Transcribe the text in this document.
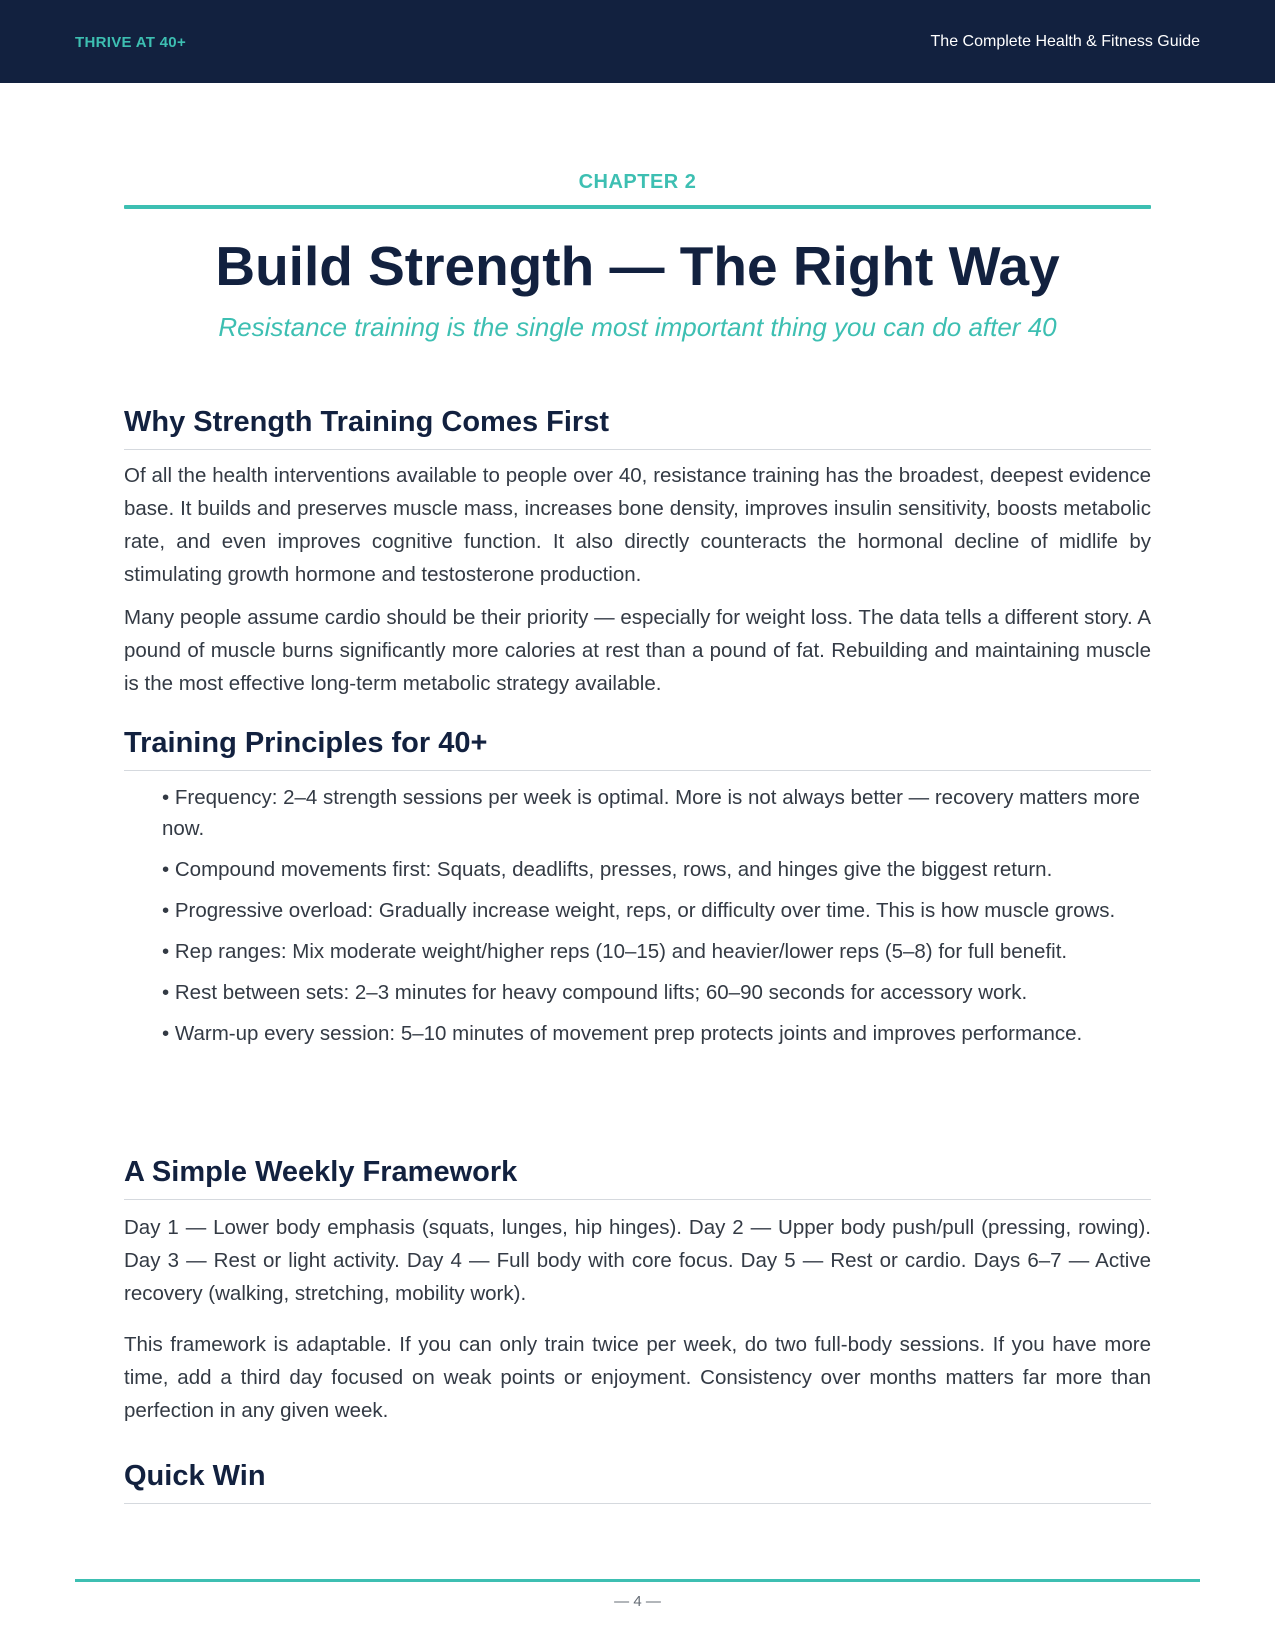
THRIVE AT 40+	The Complete Health & Fitness Guide
CHAPTER 2
Build Strength — The Right Way
Resistance training is the single most important thing you can do after 40
Why Strength Training Comes First

Of all the health interventions available to people over 40, resistance training has the broadest, deepest evidence base. It builds and preserves muscle mass, increases bone density, improves insulin sensitivity, boosts metabolic rate, and even improves cognitive function. It also directly counteracts the hormonal decline of midlife by stimulating growth hormone and testosterone production.

Many people assume cardio should be their priority — especially for weight loss. The data tells a different story. A pound of muscle burns significantly more calories at rest than a pound of fat. Rebuilding and maintaining muscle is the most effective long-term metabolic strategy available.

Training Principles for 40+
• Frequency: 2–4 strength sessions per week is optimal. More is not always better — recovery matters more now.
• Compound movements first: Squats, deadlifts, presses, rows, and hinges give the biggest return.
• Progressive overload: Gradually increase weight, reps, or difficulty over time. This is how muscle grows.
• Rep ranges: Mix moderate weight/higher reps (10–15) and heavier/lower reps (5–8) for full benefit.
• Rest between sets: 2–3 minutes for heavy compound lifts; 60–90 seconds for accessory work.
• Warm-up every session: 5–10 minutes of movement prep protects joints and improves performance.
A Simple Weekly Framework

Day 1 — Lower body emphasis (squats, lunges, hip hinges). Day 2 — Upper body push/pull (pressing, rowing). Day 3 — Rest or light activity. Day 4 — Full body with core focus. Day 5 — Rest or cardio. Days 6–7 — Active recovery (walking, stretching, mobility work).

This framework is adaptable. If you can only train twice per week, do two full-body sessions. If you have more time, add a third day focused on weak points or enjoyment. Consistency over months matters far more than perfection in any given week.

Quick Win
— 4 —
